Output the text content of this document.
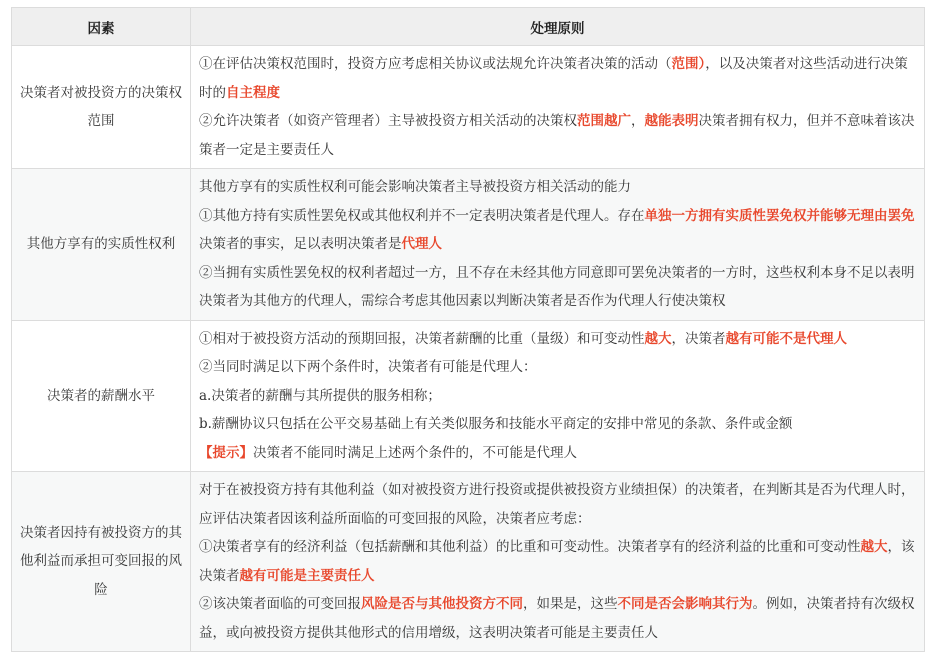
因素	处理原则
决策者对被投资方的决策权范围	①在评估决策权范围时，投资方应考虑相关协议或法规允许决策者决策的活动（范围），以及决策者对这些活动进行决策时的自主程度
②允许决策者（如资产管理者）主导被投资方相关活动的决策权范围越广，越能表明决策者拥有权力，但并不意味着该决策者一定是主要责任人

其他方享有的实质性权利	其他方享有的实质性权利可能会影响决策者主导被投资方相关活动的能力
①其他方持有实质性罢免权或其他权利并不一定表明决策者是代理人。存在单独一方拥有实质性罢免权并能够无理由罢免决策者的事实，足以表明决策者是代理人
②当拥有实质性罢免权的权利者超过一方，且不存在未经其他方同意即可罢免决策者的一方时，这些权利本身不足以表明决策者为其他方的代理人，需综合考虑其他因素以判断决策者是否作为代理人行使决策权

决策者的薪酬水平	①相对于被投资方活动的预期回报，决策者薪酬的比重（量级）和可变动性越大，决策者越有可能不是代理人
②当同时满足以下两个条件时，决策者有可能是代理人：
a.决策者的薪酬与其所提供的服务相称；
b.薪酬协议只包括在公平交易基础上有关类似服务和技能水平商定的安排中常见的条款、条件或金额
【提示】决策者不能同时满足上述两个条件的，不可能是代理人

决策者因持有被投资方的其他利益而承担可变回报的风险	对于在被投资方持有其他利益（如对被投资方进行投资或提供被投资方业绩担保）的决策者，在判断其是否为代理人时，应评估决策者因该利益所面临的可变回报的风险，决策者应考虑：
①决策者享有的经济利益（包括薪酬和其他利益）的比重和可变动性。决策者享有的经济利益的比重和可变动性越大，该决策者越有可能是主要责任人
②该决策者面临的可变回报风险是否与其他投资方不同，如果是，这些不同是否会影响其行为。例如，决策者持有次级权益，或向被投资方提供其他形式的信用增级，这表明决策者可能是主要责任人
